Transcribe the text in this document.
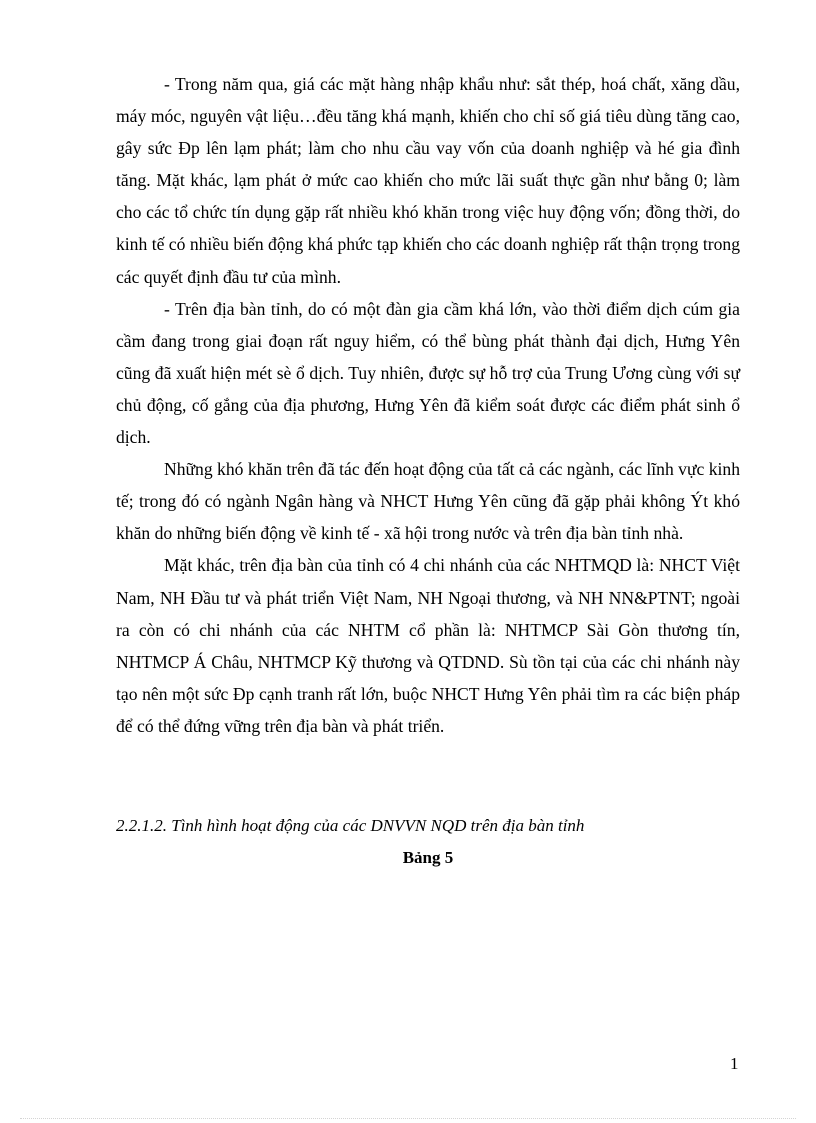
- Trong năm qua, giá các mặt hàng nhập khẩu như: sắt thép, hoá chất, xăng dầu, máy móc, nguyên vật liệu…đều tăng khá mạnh, khiến cho chỉ số giá tiêu dùng tăng cao, gây sức Ðp lên lạm phát; làm cho nhu cầu vay vốn của doanh nghiệp và hé gia đình tăng. Mặt khác, lạm phát ở mức cao khiến cho mức lãi suất thực gần như bằng 0; làm cho các tổ chức tín dụng gặp rất nhiều khó khăn trong việc huy động vốn; đồng thời, do kinh tế có nhiều biến động khá phức tạp khiến cho các doanh nghiệp rất thận trọng trong các quyết định đầu tư của mình.

- Trên địa bàn tỉnh, do có một đàn gia cầm khá lớn, vào thời điểm dịch cúm gia cầm đang trong giai đoạn rất nguy hiểm, có thể bùng phát thành đại dịch, Hưng Yên cũng đã xuất hiện mét sè ổ dịch. Tuy nhiên, được sự hỗ trợ của Trung Ương cùng với sự chủ động, cố gắng của địa phương, Hưng Yên đã kiểm soát được các điểm phát sinh ổ dịch.

Những khó khăn trên đã tác đến hoạt động của tất cả các ngành, các lĩnh vực kinh tế; trong đó có ngành Ngân hàng và NHCT Hưng Yên cũng đã gặp phải không Ýt khó khăn do những biến động về kinh tế - xã hội trong nước và trên địa bàn tỉnh nhà.

Mặt khác, trên địa bàn của tỉnh có 4 chi nhánh của các NHTMQD là: NHCT Việt Nam, NH Đầu tư và phát triển Việt Nam, NH Ngoại thương, và NH NN&PTNT; ngoài ra còn có chi nhánh của các NHTM cổ phần là: NHTMCP Sài Gòn thương tín, NHTMCP Á Châu, NHTMCP Kỹ thương và QTDND. Sù tồn tại của các chi nhánh này tạo nên một sức Ðp cạnh tranh rất lớn, buộc NHCT Hưng Yên phải tìm ra các biện pháp để có thể đứng vững trên địa bàn và phát triển.

2.2.1.2. Tình hình hoạt động của các DNVVN NQD trên địa bàn tỉnh

Bảng 5

1
